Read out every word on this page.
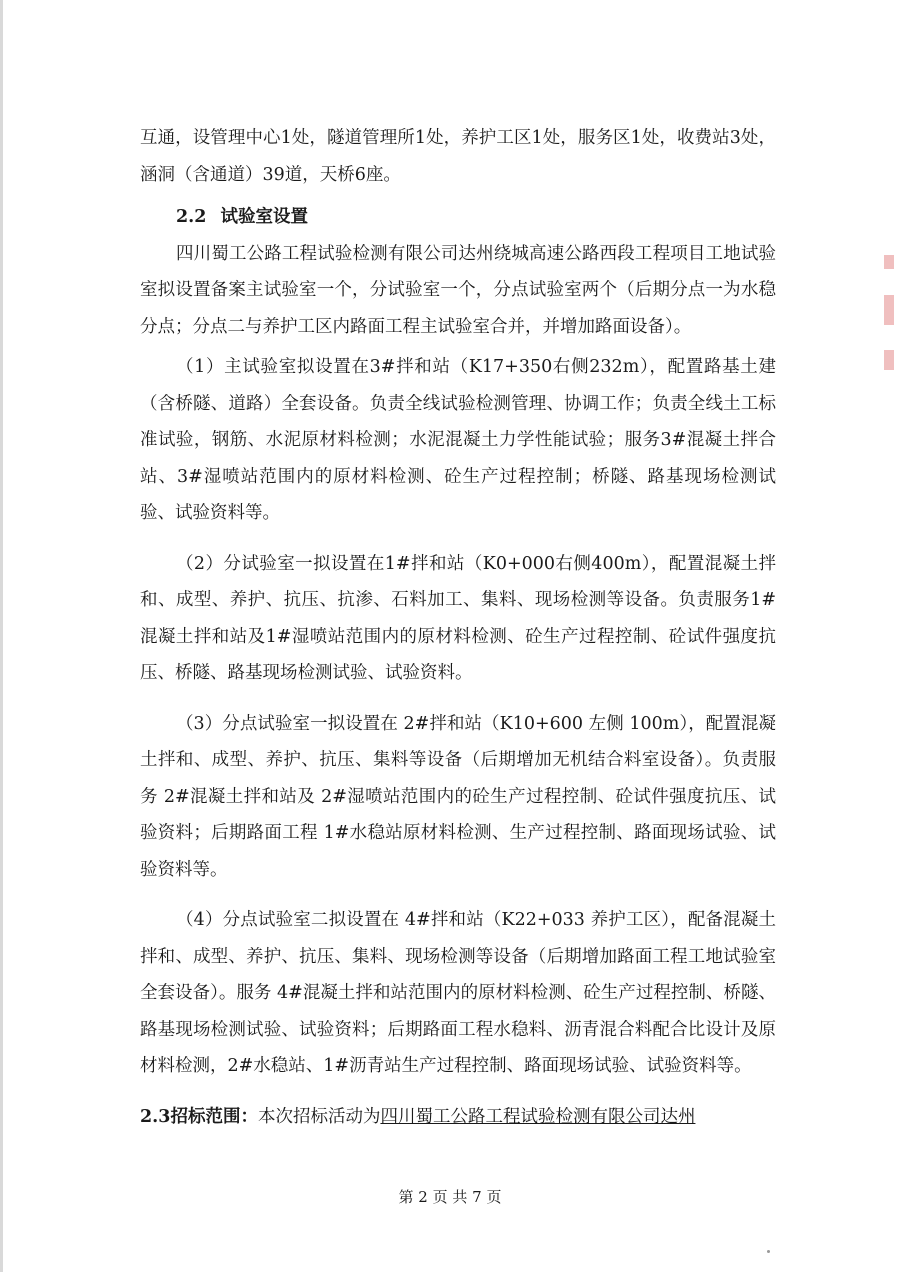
互通，设管理中心1处，隧道管理所1处，养护工区1处，服务区1处，收费站3处，涵洞（含通道）39道，天桥6座。

2.2 试验室设置

四川蜀工公路工程试验检测有限公司达州绕城高速公路西段工程项目工地试验室拟设置备案主试验室一个，分试验室一个，分点试验室两个（后期分点一为水稳分点；分点二与养护工区内路面工程主试验室合并，并增加路面设备）。

（1）主试验室拟设置在3#拌和站（K17+350右侧232m），配置路基土建（含桥隧、道路）全套设备。负责全线试验检测管理、协调工作；负责全线土工标准试验，钢筋、水泥原材料检测；水泥混凝土力学性能试验；服务3#混凝土拌合站、3#湿喷站范围内的原材料检测、砼生产过程控制；桥隧、路基现场检测试验、试验资料等。

（2）分试验室一拟设置在1#拌和站（K0+000右侧400m），配置混凝土拌和、成型、养护、抗压、抗渗、石料加工、集料、现场检测等设备。负责服务1#混凝土拌和站及1#湿喷站范围内的原材料检测、砼生产过程控制、砼试件强度抗压、桥隧、路基现场检测试验、试验资料。

（3）分点试验室一拟设置在 2#拌和站（K10+600 左侧 100m），配置混凝土拌和、成型、养护、抗压、集料等设备（后期增加无机结合料室设备）。负责服务 2#混凝土拌和站及 2#湿喷站范围内的砼生产过程控制、砼试件强度抗压、试验资料；后期路面工程 1#水稳站原材料检测、生产过程控制、路面现场试验、试验资料等。

（4）分点试验室二拟设置在 4#拌和站（K22+033 养护工区），配备混凝土拌和、成型、养护、抗压、集料、现场检测等设备（后期增加路面工程工地试验室全套设备）。服务 4#混凝土拌和站范围内的原材料检测、砼生产过程控制、桥隧、路基现场检测试验、试验资料；后期路面工程水稳料、沥青混合料配合比设计及原材料检测，2#水稳站、1#沥青站生产过程控制、路面现场试验、试验资料等。

2.3招标范围：本次招标活动为四川蜀工公路工程试验检测有限公司达州

第 2 页 共 7 页
